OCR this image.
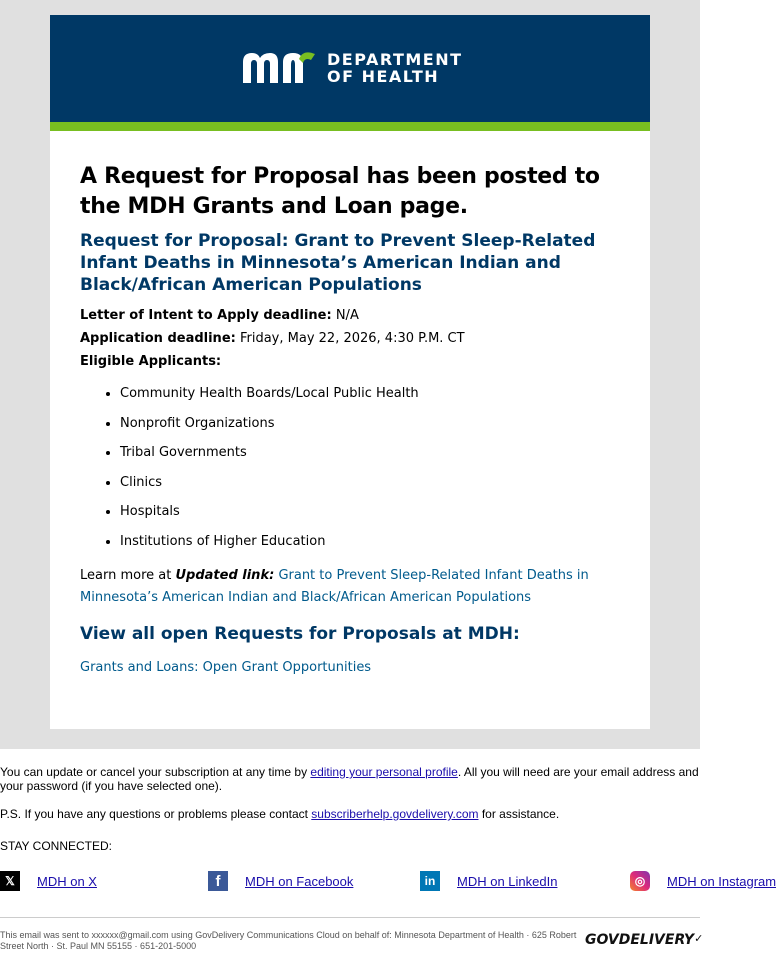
DEPARTMENT
OF HEALTH
A Request for Proposal has been posted to the MDH Grants and Loan page.
Request for Proposal: Grant to Prevent Sleep-Related Infant Deaths in Minnesota’s American Indian and Black/African American Populations
Letter of Intent to Apply deadline: N/A
Application deadline: Friday, May 22, 2026, 4:30 P.M. CT
Eligible Applicants:
• Community Health Boards/Local Public Health
• Nonprofit Organizations
• Tribal Governments
• Clinics
• Hospitals
• Institutions of Higher Education
Learn more at Updated link: Grant to Prevent Sleep-Related Infant Deaths in Minnesota’s American Indian and Black/African American Populations
View all open Requests for Proposals at MDH:
Grants and Loans: Open Grant Opportunities

You can update or cancel your subscription at any time by editing your personal profile. All you will need are your email address and your password (if you have selected one).

P.S. If you have any questions or problems please contact subscriberhelp.govdelivery.com for assistance.

STAY CONNECTED:

𝕏	MDH on X	f	MDH on Facebook	in	MDH on LinkedIn	◎	MDH on Instagram
This email was sent to xxxxxx@gmail.com using GovDelivery Communications Cloud on behalf of: Minnesota Department of Health · 625 Robert Street North · St. Paul MN 55155 · 651-201-5000	GOVDELIVERY✓
